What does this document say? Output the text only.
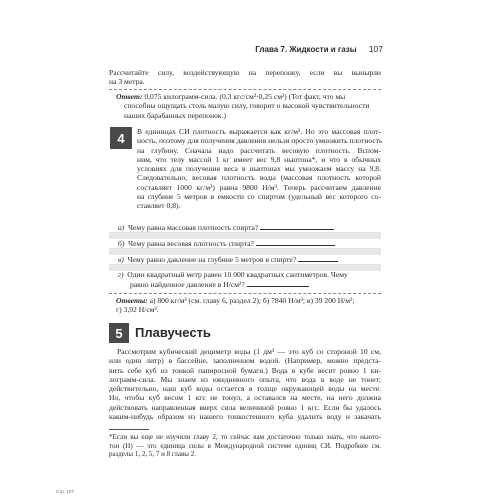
Глава 7. Жидкости и газы 107
Рассчитайте силу, воздействующую на перепонку, если вы вынырли
на 3 метра.
Ответ: 0,075 килограмм-сила. (0,3 кгс/см²·0,25 см²) (Тот факт, что мы
способны ощущать столь малую силу, говорит о высокой чувствительности
наших барабанных перепонок.)
4	В единицах СИ плотность выражается как кг/м³. Но это массовая плот-
ность, поэтому для получения давления нельзя просто умножить плотность
на глубину. Сначала надо рассчитать весовую плотность. Вспом-
ним, что телу массой 1 кг имеет вес 9,8 ньютона*, и что в обычных
условиях для получения веса в ньютонах мы умножаем массу на 9,8.
Следовательно, весовая плотность воды (массовая плотность которой
составляет 1000 кг/м³) равна 9800 Н/м³. Теперь рассчитаем давление
на глубине 5 метров в емкости со спиртом (удельный вес которого со-
ставляет 0,8).
a) Чему равна массовая плотность спирта?
б) Чему равна весовая плотность спирта?
в) Чему равно давление на глубине 5 метров в спирте?
г) Один квадратный метр равен 10 000 квадратных сантиметров. Чему
равно найденное давление в Н/см²?
Ответы: а) 800 кг/м³ (см. главу 6, раздел 2); б) 7840 Н/м³; в) 39 200 Н/м²;
г) 3,92 Н/см².
5 Плавучесть
Рассмотрим кубический дециметр воды (1 дм³ — это куб со стороной 10 см,
или один литр) в бассейне, заполненном водой. (Например, можно предста-
вить себе куб из тонкой папиросной бумаги.) Вода в кубе весит ровно 1 ки-
лограмм-сила. Мы знаем из ежедневного опыта, что вода в воде не тонет;
действительно, наш куб воды остается в толще окружающей воды на месте.
Но, чтобы куб весом 1 кгс не тонул, а оставался на месте, на него должна
действовать направленная вверх сила величиной ровно 1 кгс. Если бы удалось
каким-нибудь образом из нашего тонкостенного куба удалить воду и закачать
*Если вы еще не изучили главу 2, то сейчас вам достаточно только знать, что ньюто-
тон (Н) — это единица силы в Международной системе единиц СИ. Подробнее см.
разделы 1, 2, 5, 7 и 8 главы 2.
Стр. 107
